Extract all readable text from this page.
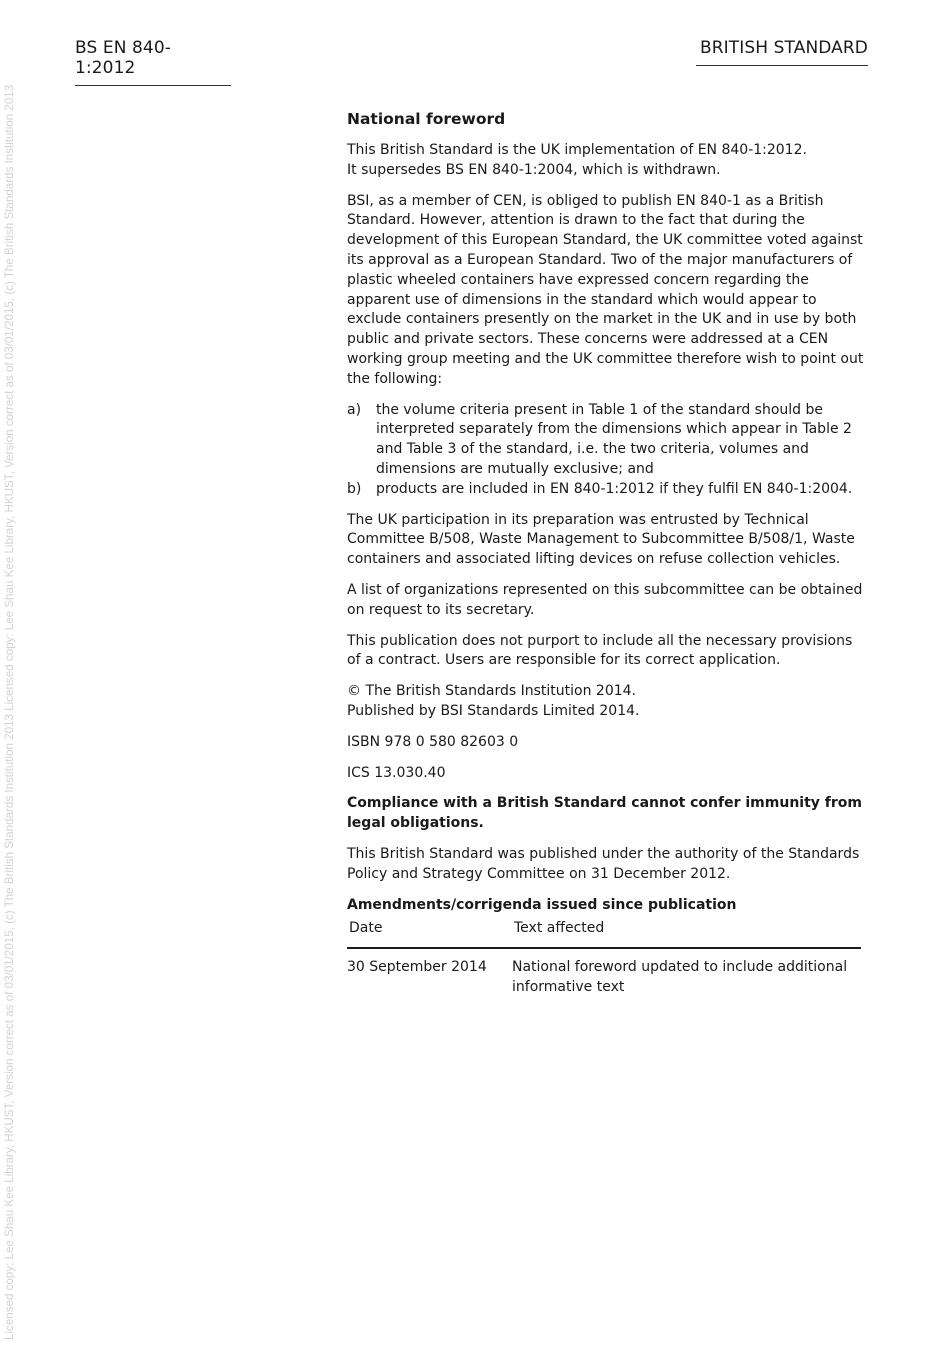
Licensed copy: Lee Shau Kee Library, HKUST, Version correct as of 03/01/2015, (c) The British Standards Institution 2013 Licensed copy: Lee Shau Kee Library, HKUST, Version correct as of 03/01/2015, (c) The British Standards Institution 2013
BS EN 840-1:2012
BRITISH STANDARD
National foreword

This British Standard is the UK implementation of EN 840-1:2012.
It supersedes BS EN 840-1:2004, which is withdrawn.

BSI, as a member of CEN, is obliged to publish EN 840-1 as a British Standard. However, attention is drawn to the fact that during the development of this European Standard, the UK committee voted against its approval as a European Standard. Two of the major manufacturers of plastic wheeled containers have expressed concern regarding the apparent use of dimensions in the standard which would appear to exclude containers presently on the market in the UK and in use by both public and private sectors. These concerns were addressed at a CEN working group meeting and the UK committee therefore wish to point out the following:

a)	the volume criteria present in Table 1 of the standard should be interpreted separately from the dimensions which appear in Table 2 and Table 3 of the standard, i.e. the two criteria, volumes and dimensions are mutually exclusive; and
b)	products are included in EN 840-1:2012 if they fulfil EN 840-1:2004.

The UK participation in its preparation was entrusted by Technical Committee B/508, Waste Management to Subcommittee B/508/1, Waste containers and associated lifting devices on refuse collection vehicles.

A list of organizations represented on this subcommittee can be obtained on request to its secretary.

This publication does not purport to include all the necessary provisions of a contract. Users are responsible for its correct application.

© The British Standards Institution 2014.
Published by BSI Standards Limited 2014.

ISBN 978 0 580 82603 0

ICS 13.030.40

Compliance with a British Standard cannot confer immunity from legal obligations.

This British Standard was published under the authority of the Standards Policy and Strategy Committee on 31 December 2012.

Amendments/corrigenda issued since publication

Date	Text affected
30 September 2014	National foreword updated to include additional informative text
